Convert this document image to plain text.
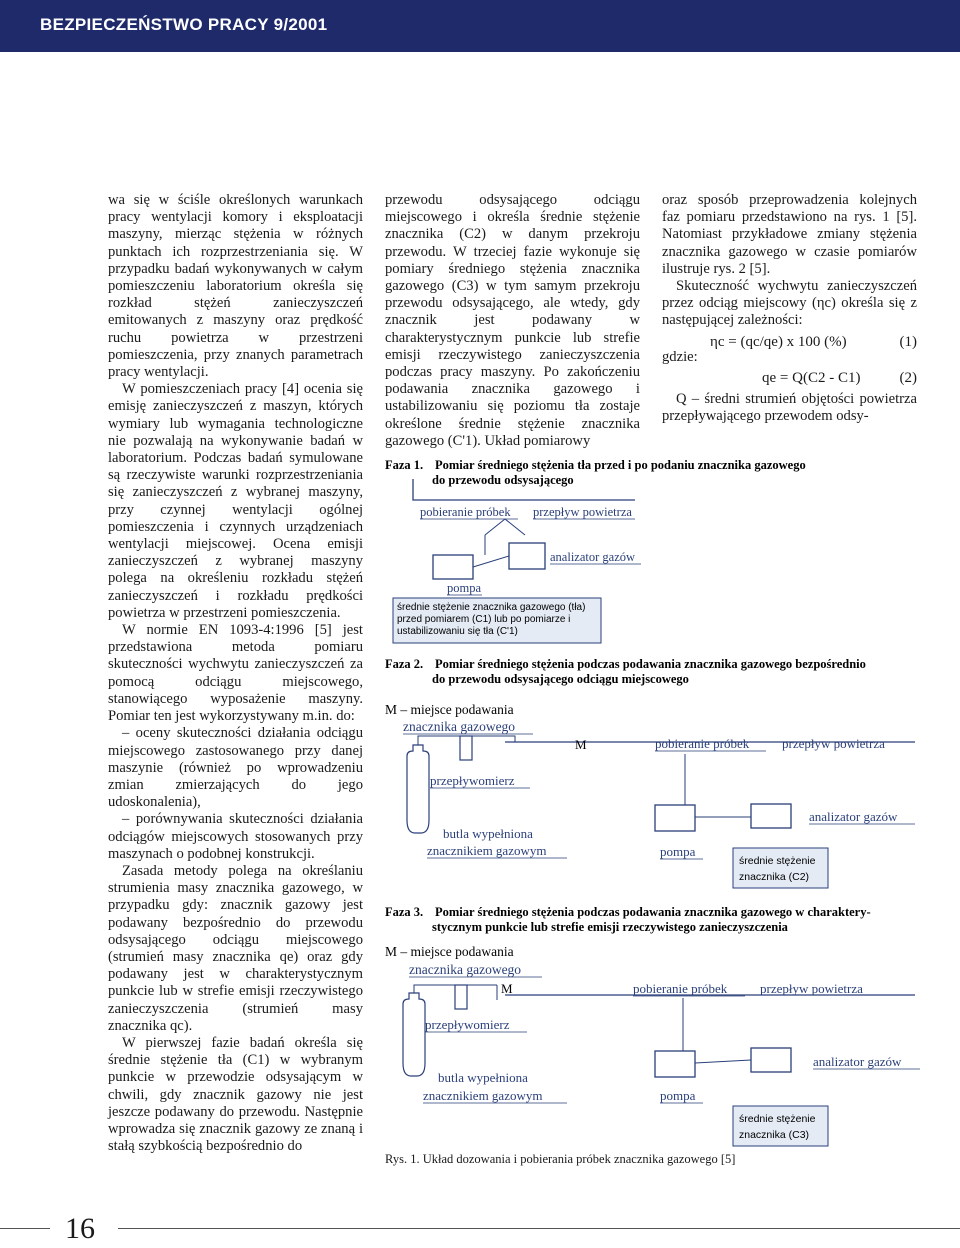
BEZPIECZEŃSTWO PRACY 9/2001

wa się w ściśle określonych warunkach pracy wentylacji komory i eksploatacji maszyny, mierząc stężenia w różnych punktach ich rozprzestrzeniania się. W przypadku badań wykonywanych w całym pomieszczeniu laboratorium określa się rozkład stężeń zanieczyszczeń emitowanych z maszyny oraz prędkość ruchu powietrza w przestrzeni pomieszczenia, przy znanych parametrach pracy wentylacji.

W pomieszczeniach pracy [4] ocenia się emisję zanieczyszczeń z maszyn, których wymiary lub wymagania technologiczne nie pozwalają na wykonywanie badań w laboratorium. Podczas badań symulowane są rzeczywiste warunki rozprzestrzeniania się zanieczyszczeń z wybranej maszyny, przy czynnej wentylacji ogólnej pomieszczenia i czynnych urządzeniach wentylacji miejscowej. Ocena emisji zanieczyszczeń z wybranej maszyny polega na określeniu rozkładu stężeń zanieczyszczeń i rozkładu prędkości powietrza w przestrzeni pomieszczenia.

W normie EN 1093-4:1996 [5] jest przedstawiona metoda pomiaru skuteczności wychwytu zanieczyszczeń za pomocą odciągu miejscowego, stanowiącego wyposażenie maszyny. Pomiar ten jest wykorzystywany m.in. do:

– oceny skuteczności działania odciągu miejscowego zastosowanego przy danej maszynie (również po wprowadzeniu zmian zmierzających do jego udoskonalenia),

– porównywania skuteczności działania odciągów miejscowych stosowanych przy maszynach o podobnej konstrukcji.

Zasada metody polega na określaniu strumienia masy znacznika gazowego, w przypadku gdy: znacznik gazowy jest podawany bezpośrednio do przewodu odsysającego odciągu miejscowego (strumień masy znacznika qe) oraz gdy podawany jest w charakterystycznym punkcie lub w strefie emisji rzeczywistego zanieczyszczenia (strumień masy znacznika qc).

W pierwszej fazie badań określa się średnie stężenie tła (C1) w wybranym punkcie w przewodzie odsysającym w chwili, gdy znacznik gazowy nie jest jeszcze podawany do przewodu. Następnie wprowadza się znacznik gazowy ze znaną i stałą szybkością bezpośrednio do

przewodu odsysającego odciągu miejscowego i określa średnie stężenie znacznika (C2) w danym przekroju przewodu. W trzeciej fazie wykonuje się pomiary średniego stężenia znacznika gazowego (C3) w tym samym przekroju przewodu odsysającego, ale wtedy, gdy znacznik jest podawany w charakterystycznym punkcie lub strefie emisji rzeczywistego zanieczyszczenia podczas pracy maszyny. Po zakończeniu podawania znacznika gazowego i ustabilizowaniu się poziomu tła zostaje określone średnie stężenie znacznika gazowego (C'1). Układ pomiarowy

oraz sposób przeprowadzenia kolejnych faz pomiaru przedstawiono na rys. 1 [5]. Natomiast przykładowe zmiany stężenia znacznika gazowego w czasie pomiarów ilustruje rys. 2 [5].

Skuteczność wychwytu zanieczyszczeń przez odciąg miejscowy (ηc) określa się z następującej zależności:

ηc = (qc/qe) x 100 (%)	(1)
gdzie:
qe = Q(C2 - C1)	(2)

Q – średni strumień objętości powietrza przepływającego przewodem odsy-

Faza 1. Pomiar średniego stężenia tła przed i po podaniu znacznika gazowego
do przewodu odsysającego
pobieranie próbek przepływ powietrza
analizator gazów
pompa
średnie stężenie znacznika gazowego (tła)
przed pomiarem (C1) lub po pomiarze i
ustabilizowaniu się tła (C'1)
Faza 2. Pomiar średniego stężenia podczas podawania znacznika gazowego bezpośrednio
do przewodu odsysającego odciągu miejscowego
M – miejsce podawania
znacznika gazowego
M	pobieranie próbek	przepływ powietrza
przepływomierz
analizator gazów
butla wypełniona
znacznikiem gazowym	pompa
średnie stężenie
znacznika (C2)
Faza 3. Pomiar średniego stężenia podczas podawania znacznika gazowego w charaktery-
stycznym punkcie lub strefie emisji rzeczywistego zanieczyszczenia
M – miejsce podawania
znacznika gazowego
M	pobieranie próbek	przepływ powietrza
przepływomierz
analizator gazów
butla wypełniona
znacznikiem gazowym	pompa
średnie stężenie
znacznika (C3)
Rys. 1. Układ dozowania i pobierania próbek znacznika gazowego [5]
16
